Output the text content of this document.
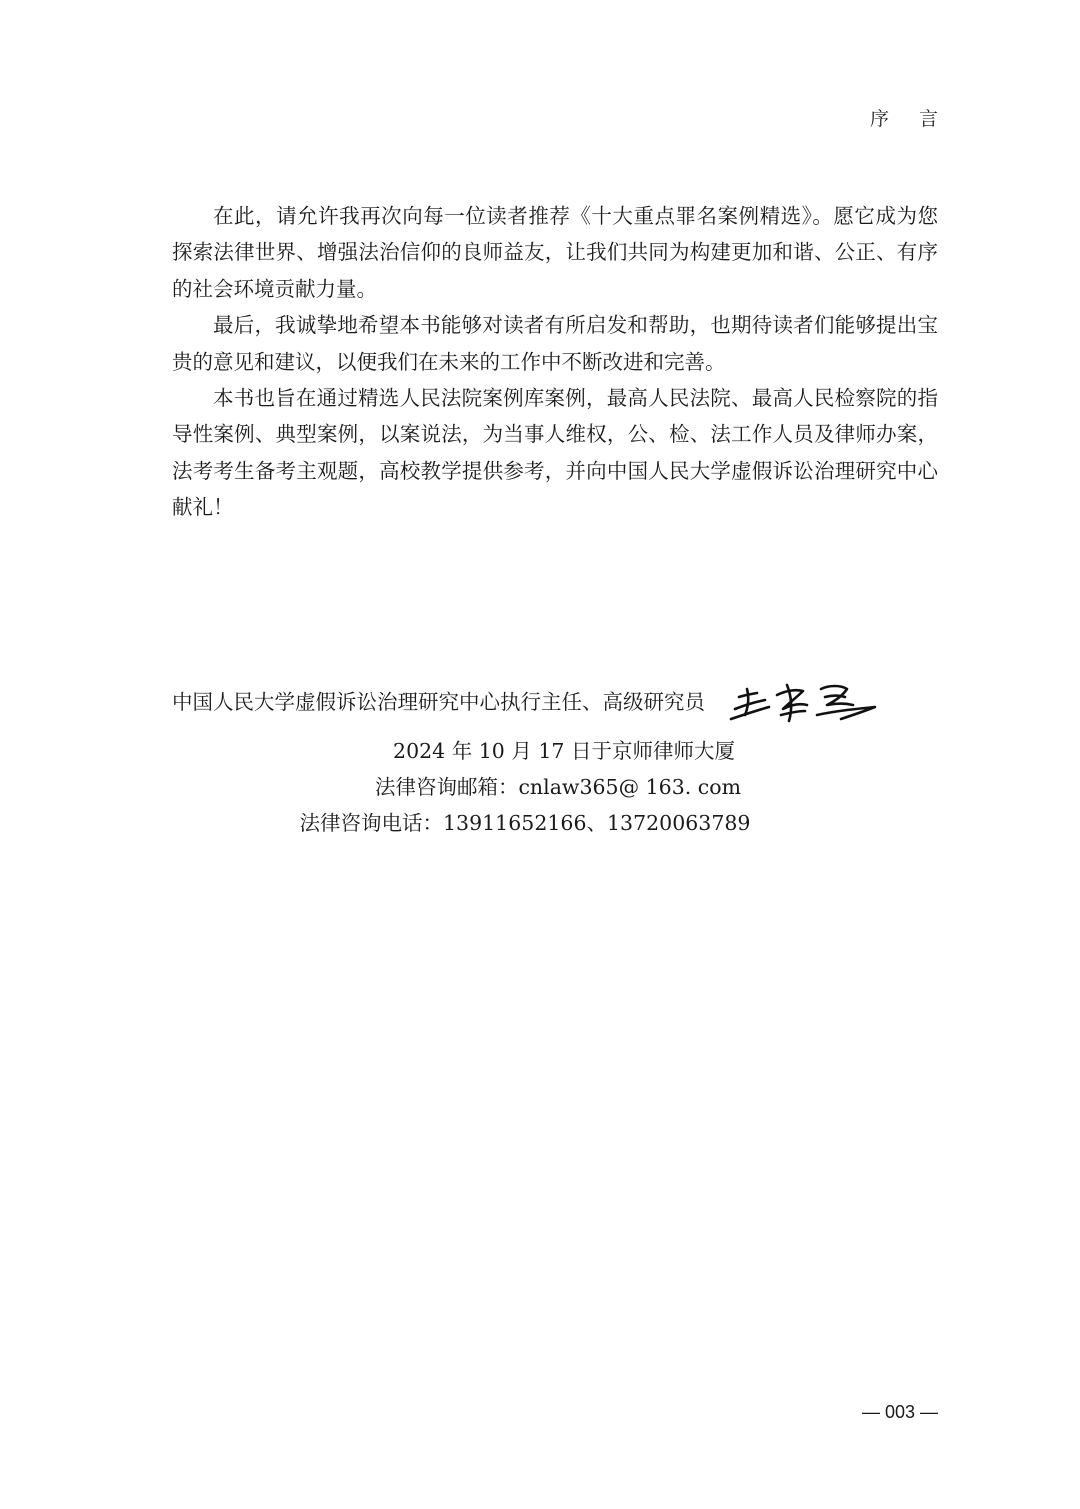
序 言

在此，请允许我再次向每一位读者推荐《十大重点罪名案例精选》。愿它成为您探索法律世界、增强法治信仰的良师益友，让我们共同为构建更加和谐、公正、有序的社会环境贡献力量。

最后，我诚挚地希望本书能够对读者有所启发和帮助，也期待读者们能够提出宝贵的意见和建议，以便我们在未来的工作中不断改进和完善。

本书也旨在通过精选人民法院案例库案例，最高人民法院、最高人民检察院的指导性案例、典型案例，以案说法，为当事人维权，公、检、法工作人员及律师办案，法考考生备考主观题，高校教学提供参考，并向中国人民大学虚假诉讼治理研究中心献礼！

中国人民大学虚假诉讼治理研究中心执行主任、高级研究员
2024 年 10 月 17 日于京师律师大厦
法律咨询邮箱：cnlaw365@ 163. com
法律咨询电话：13911652166、13720063789
— 003 —
